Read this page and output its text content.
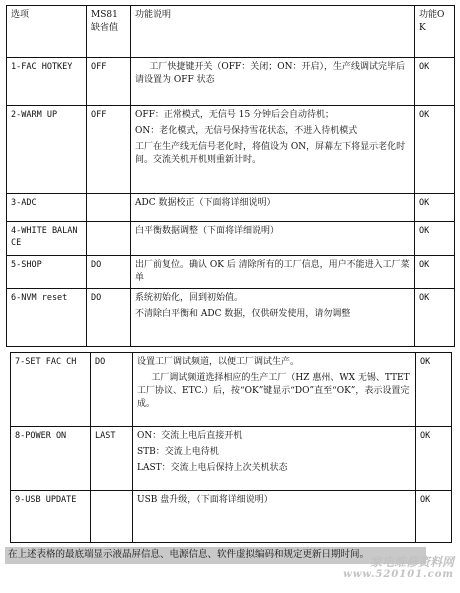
选项	MS81 缺省值	功能说明	功能OK
1-FAC HOTKEY	OFF	工厂快捷键开关（OFF：关闭；ON：开启），生产线调试完毕后请设置为 OFF 状态	OK
2-WARM UP	OFF	OFF：正常模式，无信号 15 分钟后会自动待机；
ON：老化模式，无信号保持雪花状态，不进入待机模式
工厂在生产线无信号老化时，将值设为 ON，屏幕左下将显示老化时间。交流关机开机则重新计时。	OK
3-ADC		ADC 数据校正（下面将详细说明）	OK
4-WHITE BALANCE		白平衡数据调整（下面将详细说明）	OK
5-SHOP	DO	出厂前复位。确认 OK 后 清除所有的工厂信息，用户不能进入工厂菜单	OK
6-NVM reset	DO	系统初始化，回到初始值。
不清除白平衡和 ADC 数据，仅供研发使用，请勿调整	OK
7-SET FAC CH	DO	设置工厂调试频道，以便工厂调试生产。
工厂调试频道选择相应的生产工厂（HZ 惠州、WX 无锡、TTET 工厂协议、ETC.）后，按“OK”键显示“DO”直至“OK”，表示设置完成。	OK
8-POWER ON	LAST	ON：交流上电后直接开机
STB：交流上电待机
LAST：交流上电后保持上次关机状态	OK
9-USB UPDATE		USB 盘升级，（下面将详细说明）	OK
在上述表格的最底端显示液晶屏信息、电源信息、软件虚拟编码和规定更新日期时间。
家电维修资料网
www.520101.com
